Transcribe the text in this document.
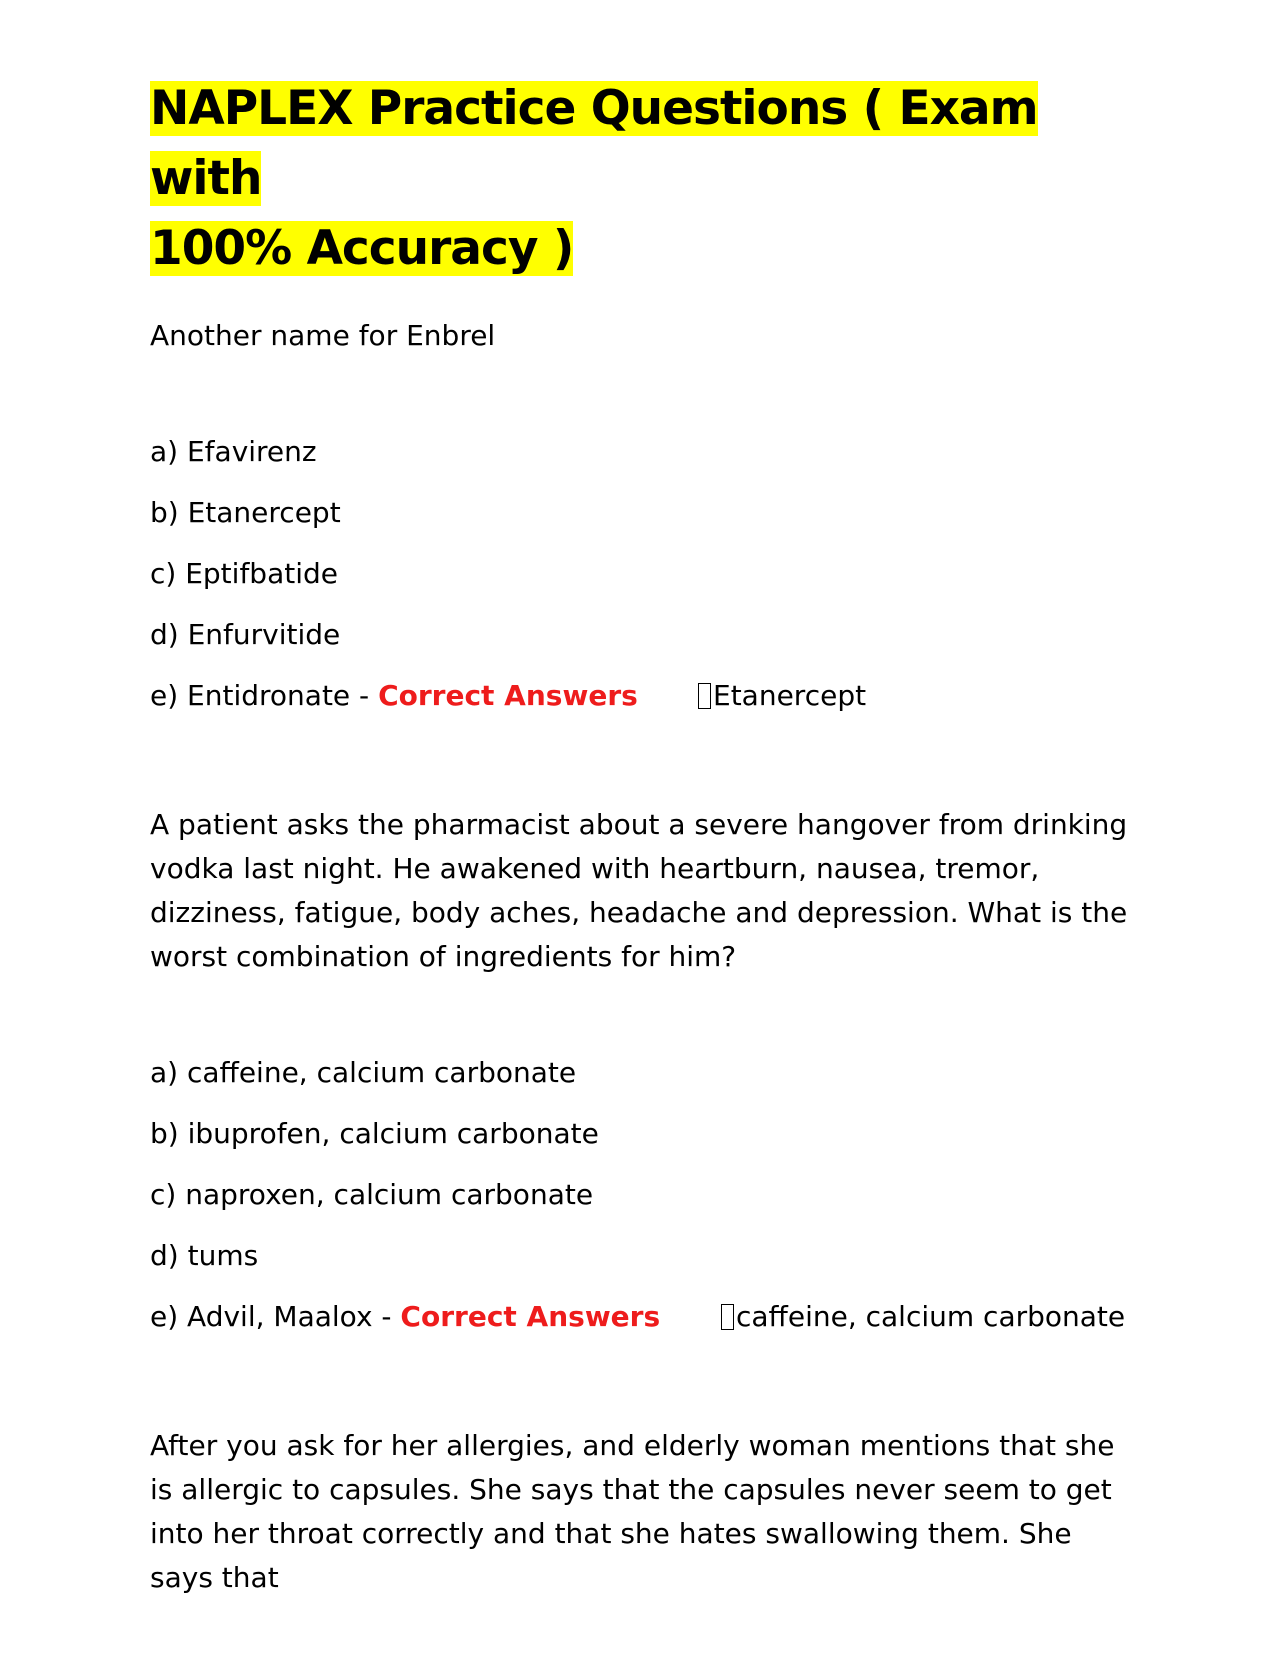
NAPLEX Practice Questions ( Exam with
100% Accuracy )

Another name for Enbrel

a) Efavirenz

b) Etanercept

c) Eptifbatide

d) Enfurvitide

e) Entidronate - Correct Answers	Etanercept

A patient asks the pharmacist about a severe hangover from drinking vodka last night. He awakened with heartburn, nausea, tremor, dizziness, fatigue, body aches, headache and depression. What is the worst combination of ingredients for him?

a) caffeine, calcium carbonate

b) ibuprofen, calcium carbonate

c) naproxen, calcium carbonate

d) tums

e) Advil, Maalox - Correct Answers	caffeine, calcium carbonate

After you ask for her allergies, and elderly woman mentions that she is allergic to capsules. She says that the capsules never seem to get into her throat correctly and that she hates swallowing them. She says that
